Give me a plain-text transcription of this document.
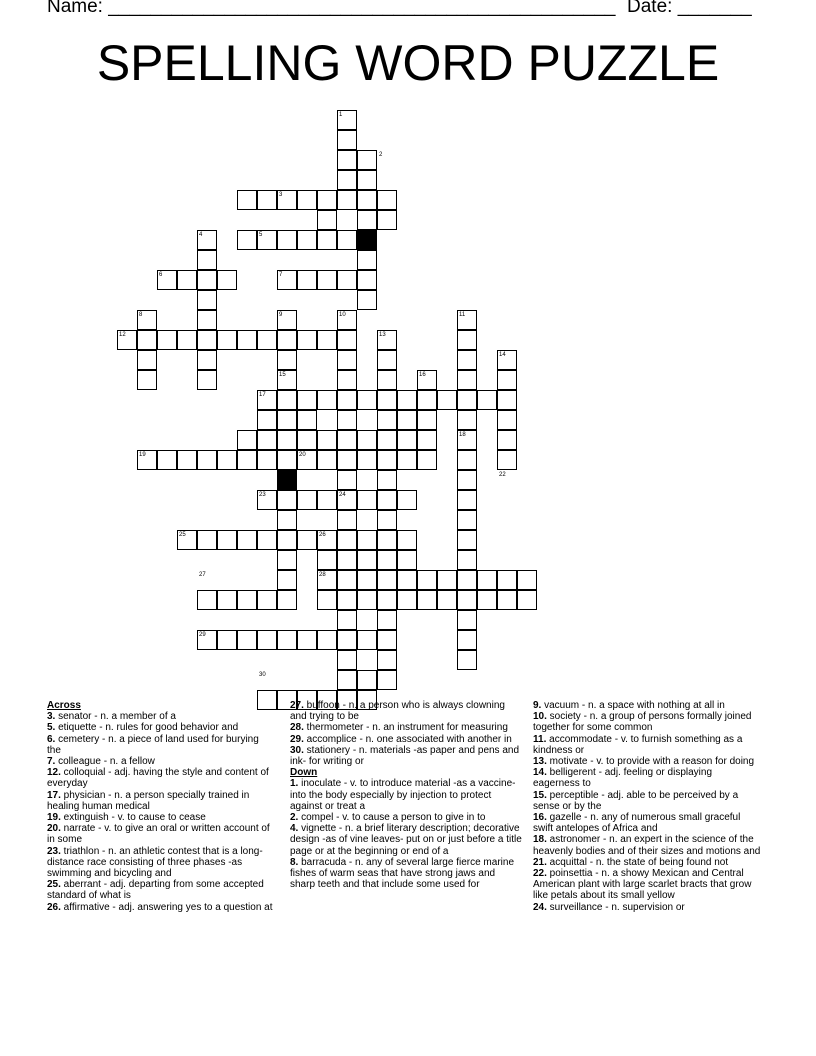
Name: ________________________________________________ Date: _______
SPELLING WORD PUZZLE
1
2
3
4	5
6	7
8	9	10	11
12	13
14
15	16
17
18
19	20
21	22
23	24
25	26
27	28
29
30
Across
3. senator - n. a member of a
5. etiquette - n. rules for good behavior and
6. cemetery - n. a piece of land used for burying the
7. colleague - n. a fellow
12. colloquial - adj. having the style and content of everyday
17. physician - n. a person specially trained in healing human medical
19. extinguish - v. to cause to cease
20. narrate - v. to give an oral or written account of in some
23. triathlon - n. an athletic contest that is a long-distance race consisting of three phases -as swimming and bicycling and
25. aberrant - adj. departing from some accepted standard of what is
26. affirmative - adj. answering yes to a question at
27. buffoon - n. a person who is always clowning and trying to be
28. thermometer - n. an instrument for measuring
29. accomplice - n. one associated with another in
30. stationery - n. materials -as paper and pens and ink- for writing or
Down
1. inoculate - v. to introduce material -as a vaccine- into the body especially by injection to protect against or treat a
2. compel - v. to cause a person to give in to
4. vignette - n. a brief literary description; decorative design -as of vine leaves- put on or just before a title page or at the beginning or end of a
8. barracuda - n. any of several large fierce marine fishes of warm seas that have strong jaws and sharp teeth and that include some used for
9. vacuum - n. a space with nothing at all in
10. society - n. a group of persons formally joined together for some common
11. accommodate - v. to furnish something as a kindness or
13. motivate - v. to provide with a reason for doing
14. belligerent - adj. feeling or displaying eagerness to
15. perceptible - adj. able to be perceived by a sense or by the
16. gazelle - n. any of numerous small graceful swift antelopes of Africa and
18. astronomer - n. an expert in the science of the heavenly bodies and of their sizes and motions and
21. acquittal - n. the state of being found not
22. poinsettia - n. a showy Mexican and Central American plant with large scarlet bracts that grow like petals about its small yellow
24. surveillance - n. supervision or
